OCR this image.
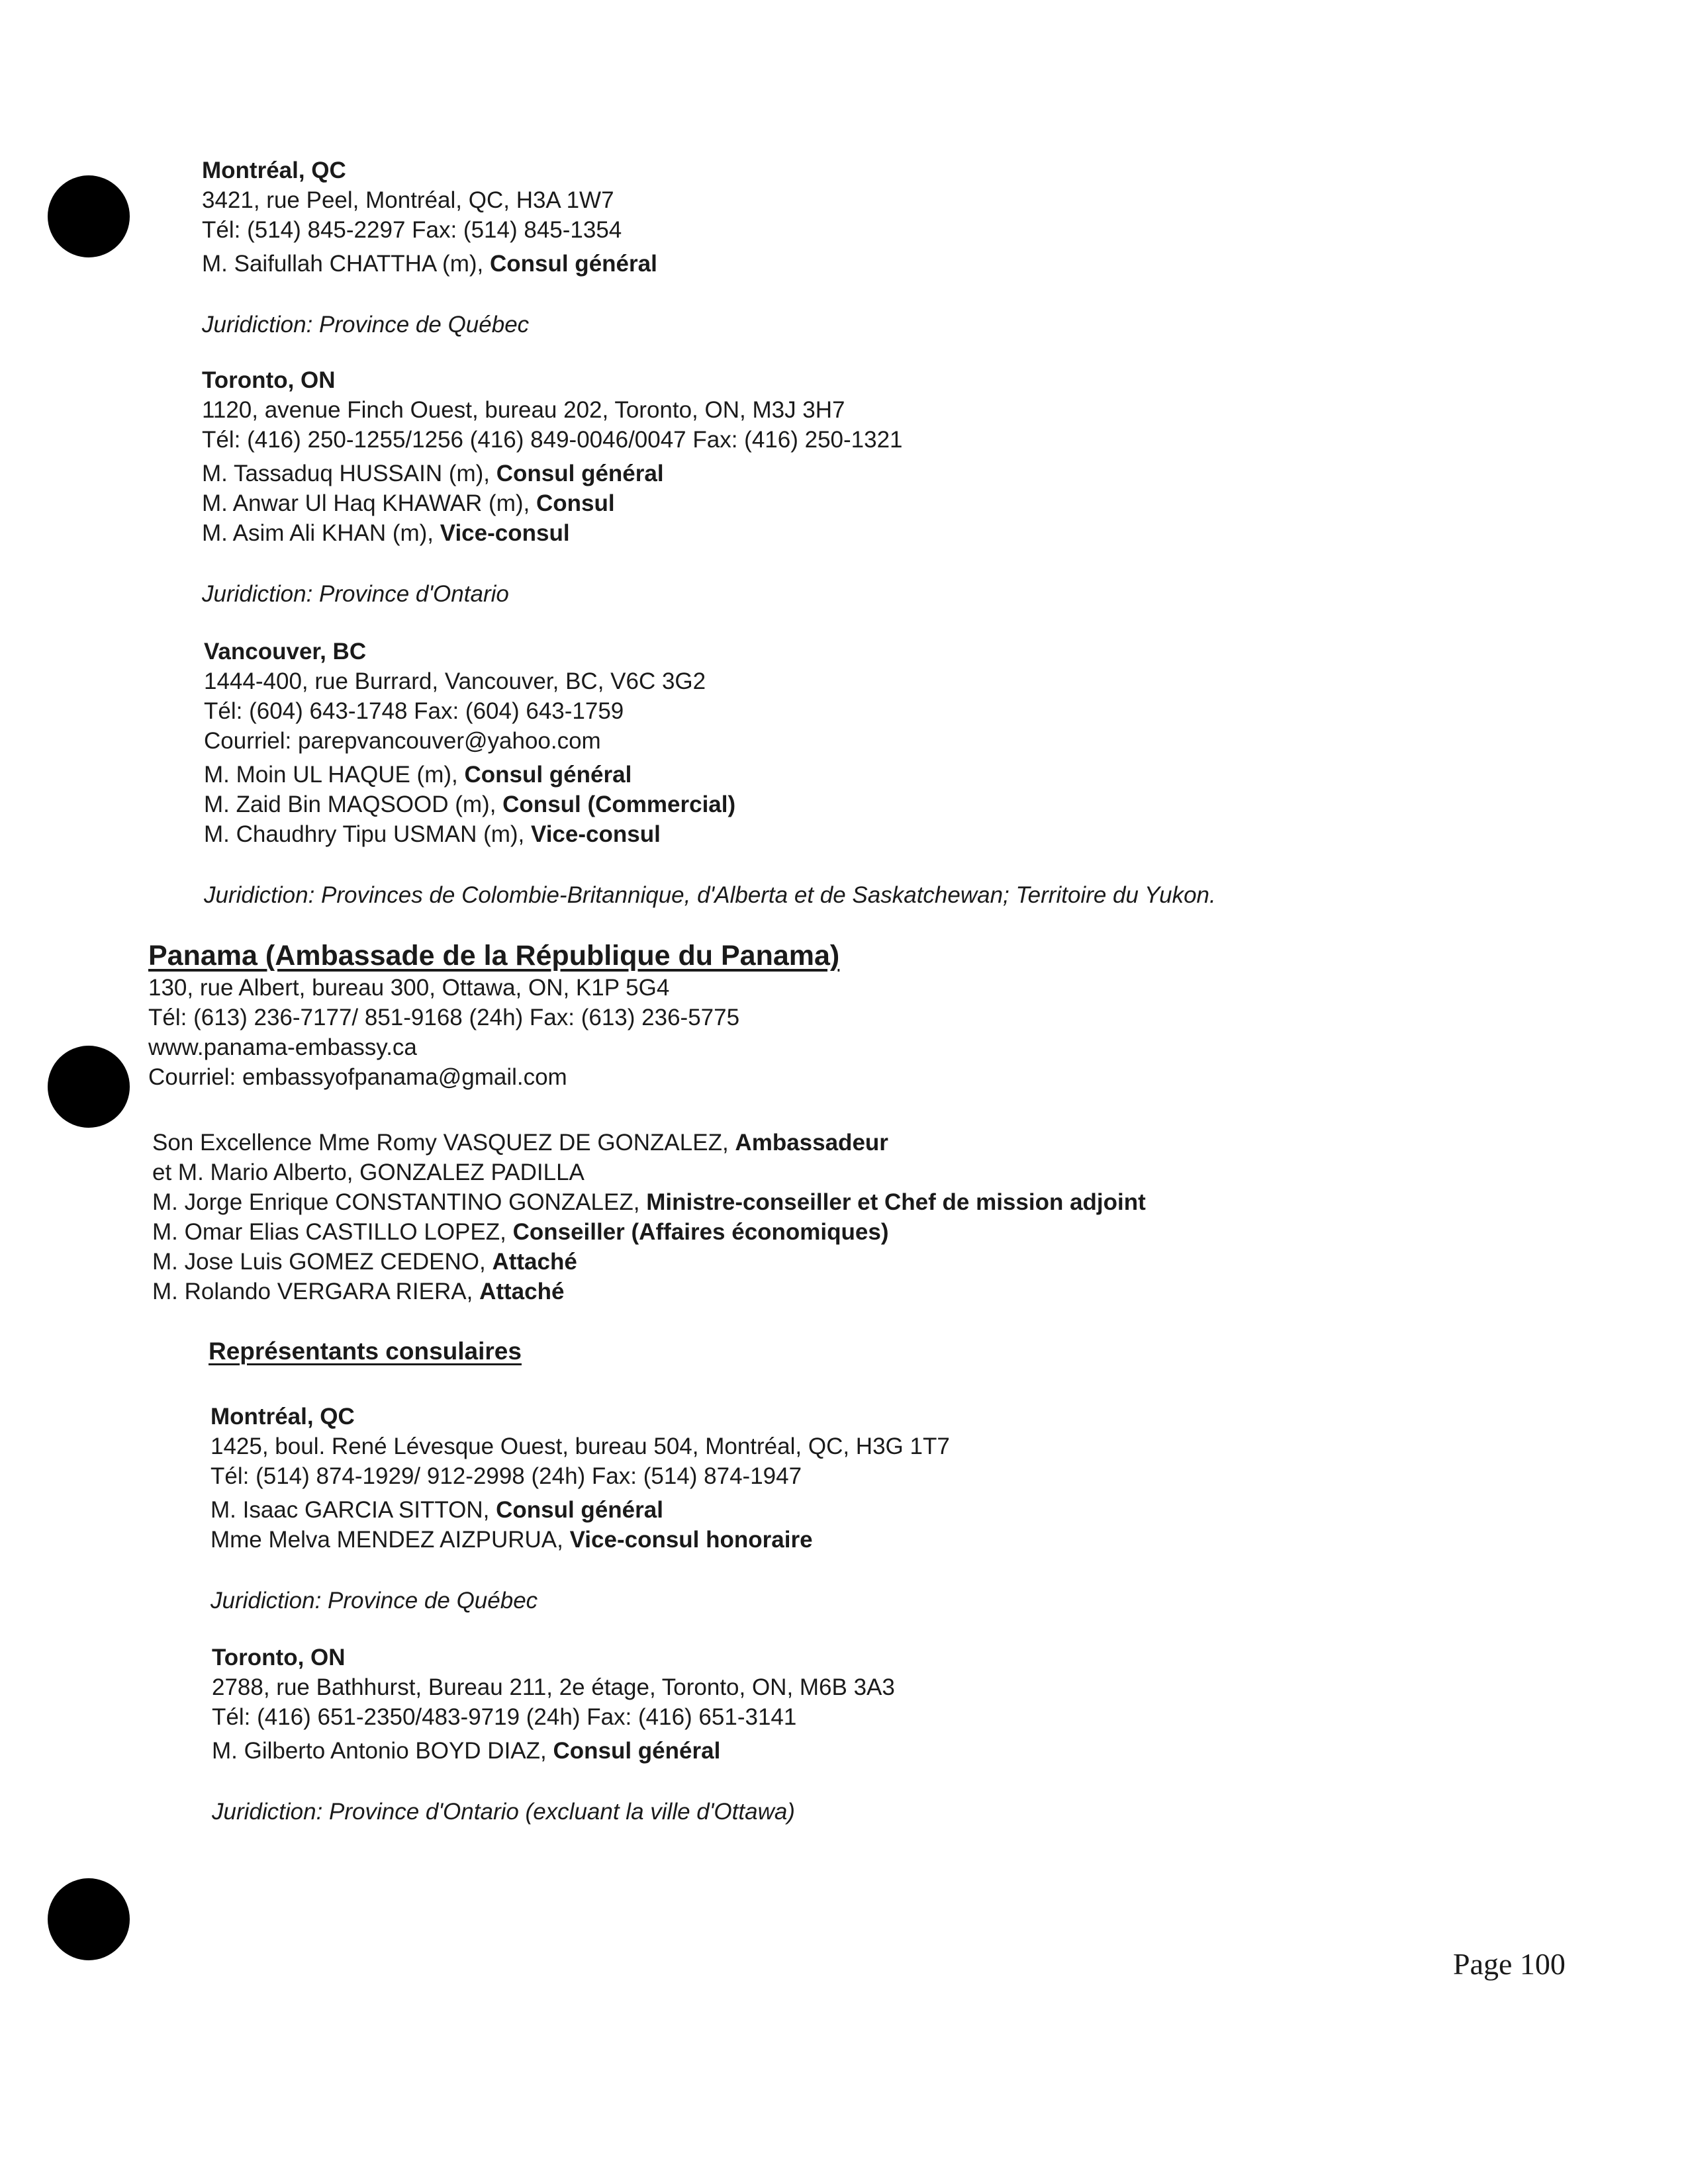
Montréal, QC
3421, rue Peel, Montréal, QC, H3A 1W7
Tél: (514) 845-2297 Fax: (514) 845-1354
M. Saifullah CHATTHA (m), Consul général
Juridiction: Province de Québec
Toronto, ON
1120, avenue Finch Ouest, bureau 202, Toronto, ON, M3J 3H7
Tél: (416) 250-1255/1256 (416) 849-0046/0047 Fax: (416) 250-1321
M. Tassaduq HUSSAIN (m), Consul général
M. Anwar Ul Haq KHAWAR (m), Consul
M. Asim Ali KHAN (m), Vice-consul
Juridiction: Province d'Ontario
Vancouver, BC
1444-400, rue Burrard, Vancouver, BC, V6C 3G2
Tél: (604) 643-1748 Fax: (604) 643-1759
Courriel: parepvancouver@yahoo.com
M. Moin UL HAQUE (m), Consul général
M. Zaid Bin MAQSOOD (m), Consul (Commercial)
M. Chaudhry Tipu USMAN (m), Vice-consul
Juridiction: Provinces de Colombie-Britannique, d'Alberta et de Saskatchewan; Territoire du Yukon.
Panama (Ambassade de la République du Panama)
130, rue Albert, bureau 300, Ottawa, ON, K1P 5G4
Tél: (613) 236-7177/ 851-9168 (24h) Fax: (613) 236-5775
www.panama-embassy.ca
Courriel: embassyofpanama@gmail.com
Son Excellence Mme Romy VASQUEZ DE GONZALEZ, Ambassadeur
et M. Mario Alberto, GONZALEZ PADILLA
M. Jorge Enrique CONSTANTINO GONZALEZ, Ministre-conseiller et Chef de mission adjoint
M. Omar Elias CASTILLO LOPEZ, Conseiller (Affaires économiques)
M. Jose Luis GOMEZ CEDENO, Attaché
M. Rolando VERGARA RIERA, Attaché
Représentants consulaires
Montréal, QC
1425, boul. René Lévesque Ouest, bureau 504, Montréal, QC, H3G 1T7
Tél: (514) 874-1929/ 912-2998 (24h) Fax: (514) 874-1947
M. Isaac GARCIA SITTON, Consul général
Mme Melva MENDEZ AIZPURUA, Vice-consul honoraire
Juridiction: Province de Québec
Toronto, ON
2788, rue Bathhurst, Bureau 211, 2e étage, Toronto, ON, M6B 3A3
Tél: (416) 651-2350/483-9719 (24h) Fax: (416) 651-3141
M. Gilberto Antonio BOYD DIAZ, Consul général
Juridiction: Province d'Ontario (excluant la ville d'Ottawa)
Page 100
